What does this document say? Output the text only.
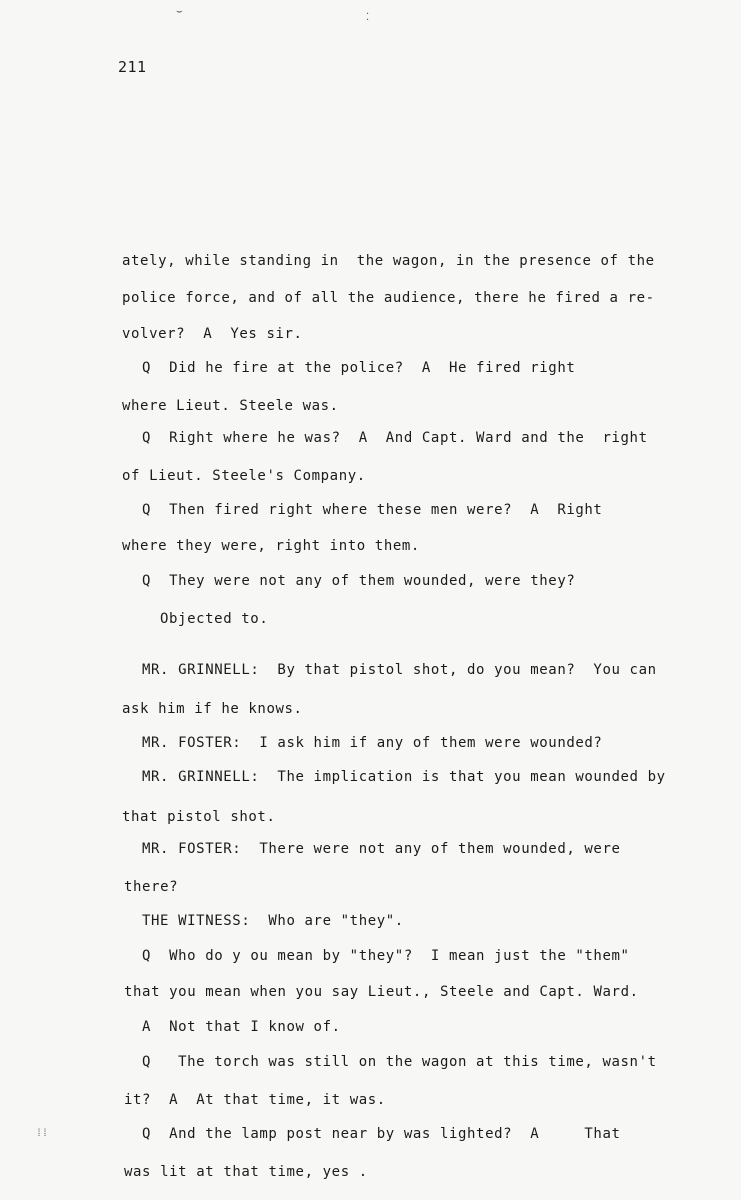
211
ately, while standing in  the wagon, in the presence of the
police force, and of all the audience, there he fired a re-
volver?  A  Yes sir.
Q  Did he fire at the police?  A  He fired right
where Lieut. Steele was.
Q  Right where he was?  A  And Capt. Ward and the  right
of Lieut. Steele's Company.
Q  Then fired right where these men were?  A  Right
where they were, right into them.
Q  They were not any of them wounded, were they?
Objected to.
MR. GRINNELL:  By that pistol shot, do you mean?  You can
ask him if he knows.
MR. FOSTER:  I ask him if any of them were wounded?
MR. GRINNELL:  The implication is that you mean wounded by
that pistol shot.
MR. FOSTER:  There were not any of them wounded, were
there?
THE WITNESS:  Who are "they".
Q  Who do y ou mean by "they"?  I mean just the "them"
that you mean when you say Lieut., Steele and Capt. Ward.
A  Not that I know of.
Q   The torch was still on the wagon at this time, wasn't
it?  A  At that time, it was.
Q  And the lamp post near by was lighted?  A     That
was lit at that time, yes .
⌣
⁚
⁞⁞
